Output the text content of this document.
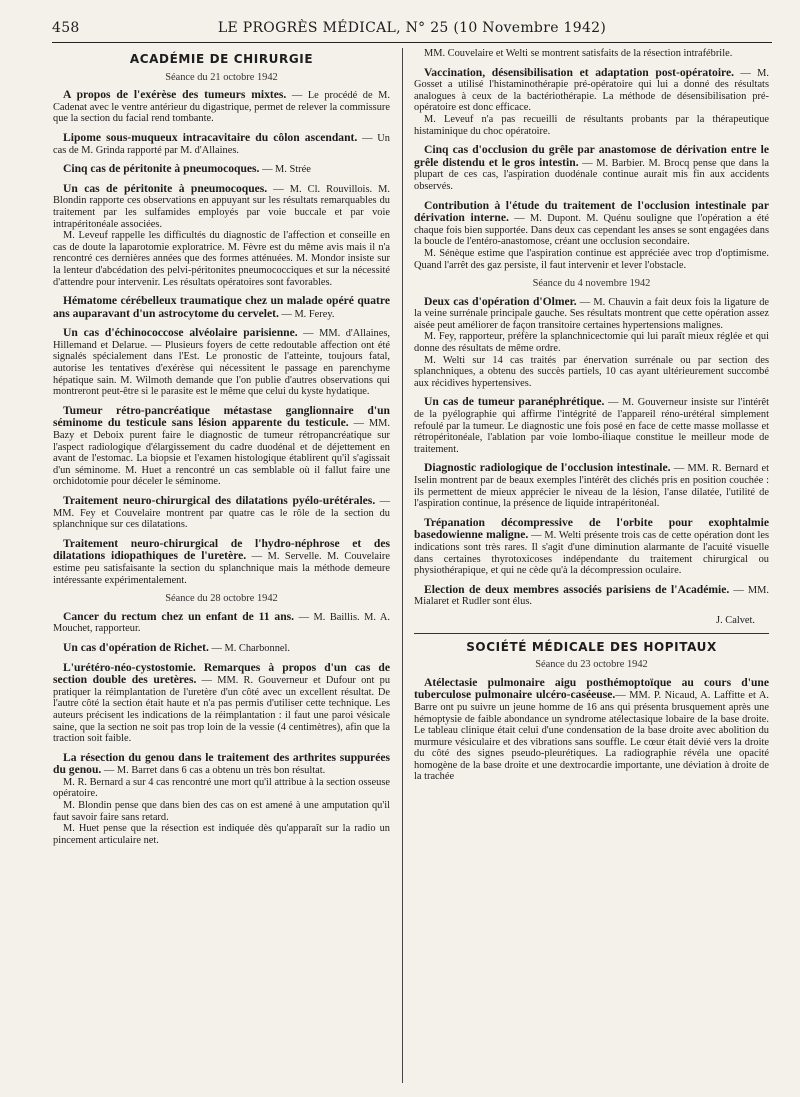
458	LE PROGRÈS MÉDICAL, N° 25 (10 Novembre 1942)
ACADÉMIE DE CHIRURGIE
Séance du 21 octobre 1942
A propos de l'exérèse des tumeurs mixtes. — Le procédé de M. Cadenat avec le ventre antérieur du digastrique, permet de relever la commissure que la section du facial rend tombante.
Lipome sous-muqueux intracavitaire du côlon ascendant. — Un cas de M. Grinda rapporté par M. d'Allaines.
Cinq cas de péritonite à pneumocoques. — M. Strée
Un cas de péritonite à pneumocoques. — M. Cl. Rouvillois. M. Blondin rapporte ces observations en appuyant sur les résultats remarquables du traitement par les sulfamides employés par voie buccale et par voie intrapéritonéale associées.
M. Leveuf rappelle les difficultés du diagnostic de l'affection et conseille en cas de doute la laparotomie exploratrice. M. Fèvre est du même avis mais il n'a rencontré ces dernières années que des formes atténuées. M. Mondor insiste sur la lenteur d'abcédation des pelvi-péritonites pneumococciques et sur la nécessité d'attendre pour intervenir. Les résultats opératoires sont favorables.
Hématome cérébelleux traumatique chez un malade opéré quatre ans auparavant d'un astrocytome du cervelet. — M. Ferey.
Un cas d'échinococcose alvéolaire parisienne. — MM. d'Allaines, Hillemand et Delarue. — Plusieurs foyers de cette redoutable affection ont été signalés spécialement dans l'Est. Le pronostic de l'atteinte, toujours fatal, autorise les tentatives d'exérèse qui nécessitent le passage en parenchyme hépatique sain. M. Wilmoth demande que l'on publie d'autres observations qui montreront peut-être si le parasite est le même que celui du kyste hydatique.
Tumeur rétro-pancréatique métastase ganglionnaire d'un séminome du testicule sans lésion apparente du testicule. — MM. Bazy et Deboix purent faire le diagnostic de tumeur rétropancréatique sur l'aspect radiologique d'élargissement du cadre duodénal et de déjettement en avant de l'estomac. La biopsie et l'examen histologique établirent qu'il s'agissait d'un séminome. M. Huet a rencontré un cas semblable où il fallut faire une orchidotomie pour déceler le séminome.
Traitement neuro-chirurgical des dilatations pyélo-urétérales. — MM. Fey et Couvelaire montrent par quatre cas le rôle de la section du splanchnique sur ces dilatations.
Traitement neuro-chirurgical de l'hydro-néphrose et des dilatations idiopathiques de l'uretère. — M. Servelle. M. Couvelaire estime peu satisfaisante la section du splanchnique mais la méthode demeure intéressante expérimentalement.
Séance du 28 octobre 1942
Cancer du rectum chez un enfant de 11 ans. — M. Baillis. M. A. Mouchet, rapporteur.
Un cas d'opération de Richet. — M. Charbonnel.
L'urétéro-néo-cystostomie. Remarques à propos d'un cas de section double des uretères. — MM. R. Gouverneur et Dufour ont pu pratiquer la réimplantation de l'uretère d'un côté avec un excellent résultat. De l'autre côté la section était haute et n'a pas permis d'utiliser cette technique. Les auteurs précisent les indications de la réimplantation : il faut une paroi vésicale saine, que la section ne soit pas trop loin de la vessie (4 centimètres), afin que la traction soit faible.
La résection du genou dans le traitement des arthrites suppurées du genou. — M. Barret dans 6 cas a obtenu un très bon résultat.
M. R. Bernard a sur 4 cas rencontré une mort qu'il attribue à la section osseuse opératoire.
M. Blondin pense que dans bien des cas on est amené à une amputation qu'il faut savoir faire sans retard.
M. Huet pense que la résection est indiquée dès qu'apparaît sur la radio un pincement articulaire net.
MM. Couvelaire et Welti se montrent satisfaits de la résection intrafébrile.
Vaccination, désensibilisation et adaptation post-opératoire. — M. Gosset a utilisé l'histaminothérapie pré-opératoire qui lui a donné des résultats analogues à ceux de la bactériothérapie. La méthode de désensibilisation pré-opératoire est donc efficace.
M. Leveuf n'a pas recueilli de résultants probants par la thérapeutique histaminique du choc opératoire.
Cinq cas d'occlusion du grêle par anastomose de dérivation entre le grêle distendu et le gros intestin. — M. Barbier. M. Brocq pense que dans la plupart de ces cas, l'aspiration duodénale continue aurait mis fin aux accidents observés.
Contribution à l'étude du traitement de l'occlusion intestinale par dérivation interne. — M. Dupont. M. Quénu souligne que l'opération a été chaque fois bien supportée. Dans deux cas cependant les anses se sont engagées dans la boucle de l'entéro-anastomose, créant une occlusion secondaire.
M. Sénèque estime que l'aspiration continue est appréciée avec trop d'optimisme. Quand l'arrêt des gaz persiste, il faut intervenir et lever l'obstacle.
Séance du 4 novembre 1942
Deux cas d'opération d'Olmer. — M. Chauvin a fait deux fois la ligature de la veine surrénale principale gauche. Ses résultats montrent que cette opération assez aisée peut améliorer de façon transitoire certaines hypertensions malignes.
M. Fey, rapporteur, préfère la splanchnicectomie qui lui paraît mieux réglée et qui donne des résultats de même ordre.
M. Welti sur 14 cas traités par énervation surrénale ou par section des splanchniques, a obtenu des succès partiels, 10 cas ayant ultérieurement succombé aux récidives hypertensives.
Un cas de tumeur paranéphrétique. — M. Gouverneur insiste sur l'intérêt de la pyélographie qui affirme l'intégrité de l'appareil réno-urétéral simplement refoulé par la tumeur. Le diagnostic une fois posé en face de cette masse mollasse et rétropéritonéale, l'ablation par voie lombo-iliaque constitue le meilleur mode de traitement.
Diagnostic radiologique de l'occlusion intestinale. — MM. R. Bernard et Iselin montrent par de beaux exemples l'intérêt des clichés pris en position couchée : ils permettent de mieux apprécier le niveau de la lésion, l'anse dilatée, l'utilité de l'aspiration continue, la présence de liquide intrapéritonéal.
Trépanation décompressive de l'orbite pour exophtalmie basedowienne maligne. — M. Welti présente trois cas de cette opération dont les indications sont très rares. Il s'agit d'une diminution alarmante de l'acuité visuelle dans certaines thyrotoxicoses indépendante du traitement chirurgical ou physiothérapique, et qui ne cède qu'à la décompression oculaire.
Election de deux membres associés parisiens de l'Académie. — MM. Mialaret et Rudler sont élus.
J. Calvet.
SOCIÉTÉ MÉDICALE DES HOPITAUX
Séance du 23 octobre 1942
Atélectasie pulmonaire aigu posthémoptoïque au cours d'une tuberculose pulmonaire ulcéro-caséeuse.— MM. P. Nicaud, A. Laffitte et A. Barre ont pu suivre un jeune homme de 16 ans qui présenta brusquement après une hémoptysie de faible abondance un syndrome atélectasique lobaire de la base droite. Le tableau clinique était celui d'une condensation de la base droite avec abolition du murmure vésiculaire et des vibrations sans souffle. Le cœur était dévié vers la droite du côté des signes pseudo-pleurétiques. La radiographie révéla une opacité homogène de la base droite et une dextrocardie importante, une déviation à droite de la trachée
